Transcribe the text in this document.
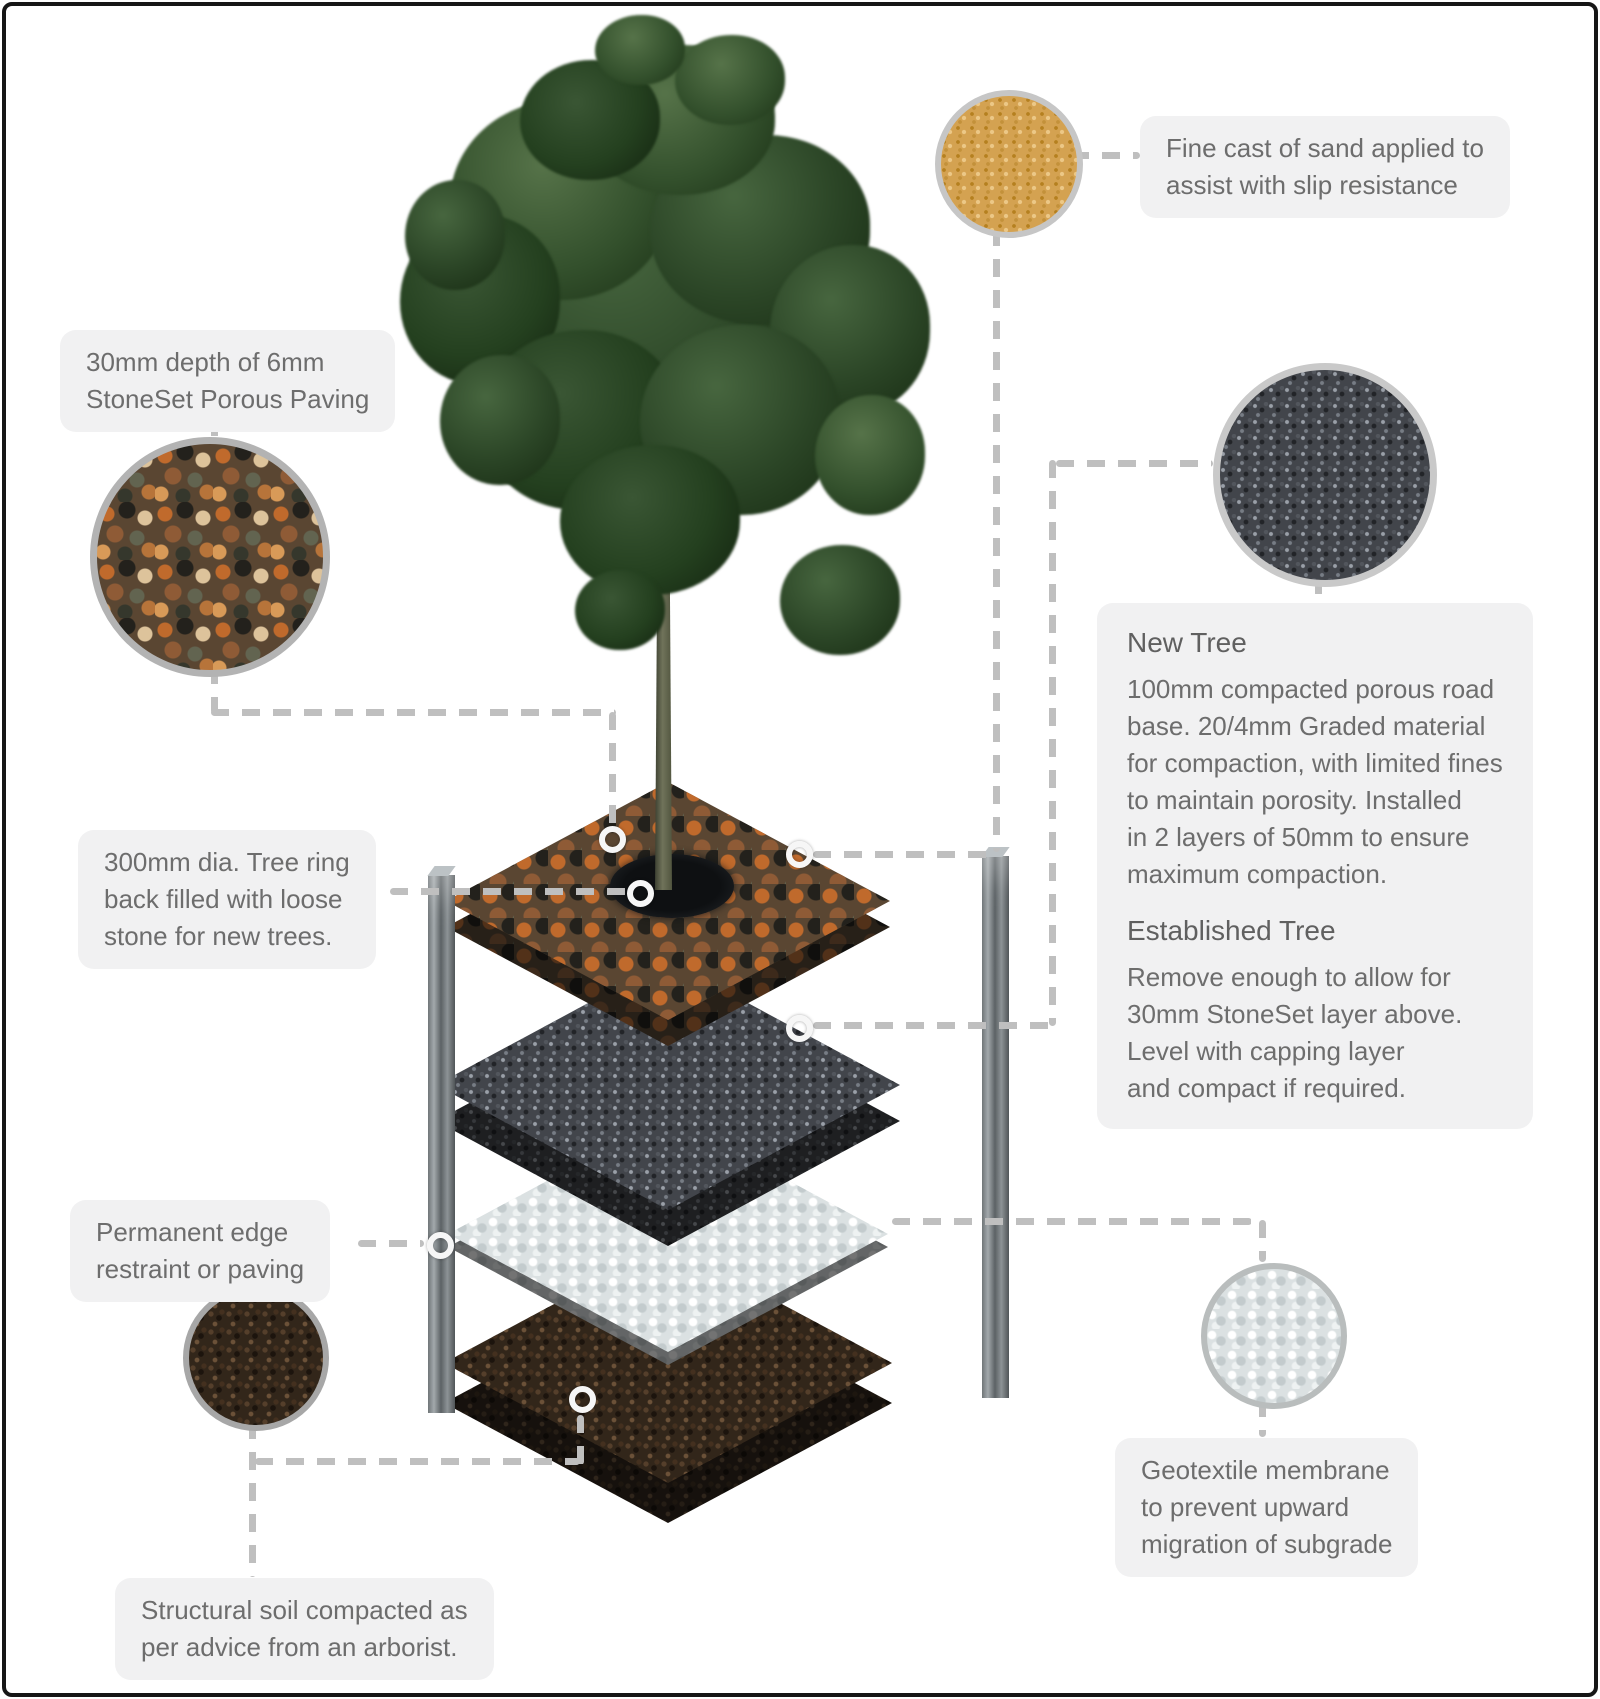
Fine cast of sand applied to
assist with slip resistance
30mm depth of 6mm
StoneSet Porous Paving
300mm dia. Tree ring
back filled with loose
stone for new trees.
Permanent edge
restraint or paving
New Tree
100mm compacted porous road
base. 20/4mm Graded material
for compaction, with limited fines
to maintain porosity. Installed
in 2 layers of 50mm to ensure
maximum compaction.
Established Tree
Remove enough to allow for
30mm StoneSet layer above.
Level with capping layer
and compact if required.
Geotextile membrane
to prevent upward
migration of subgrade
Structural soil compacted as
per advice from an arborist.
